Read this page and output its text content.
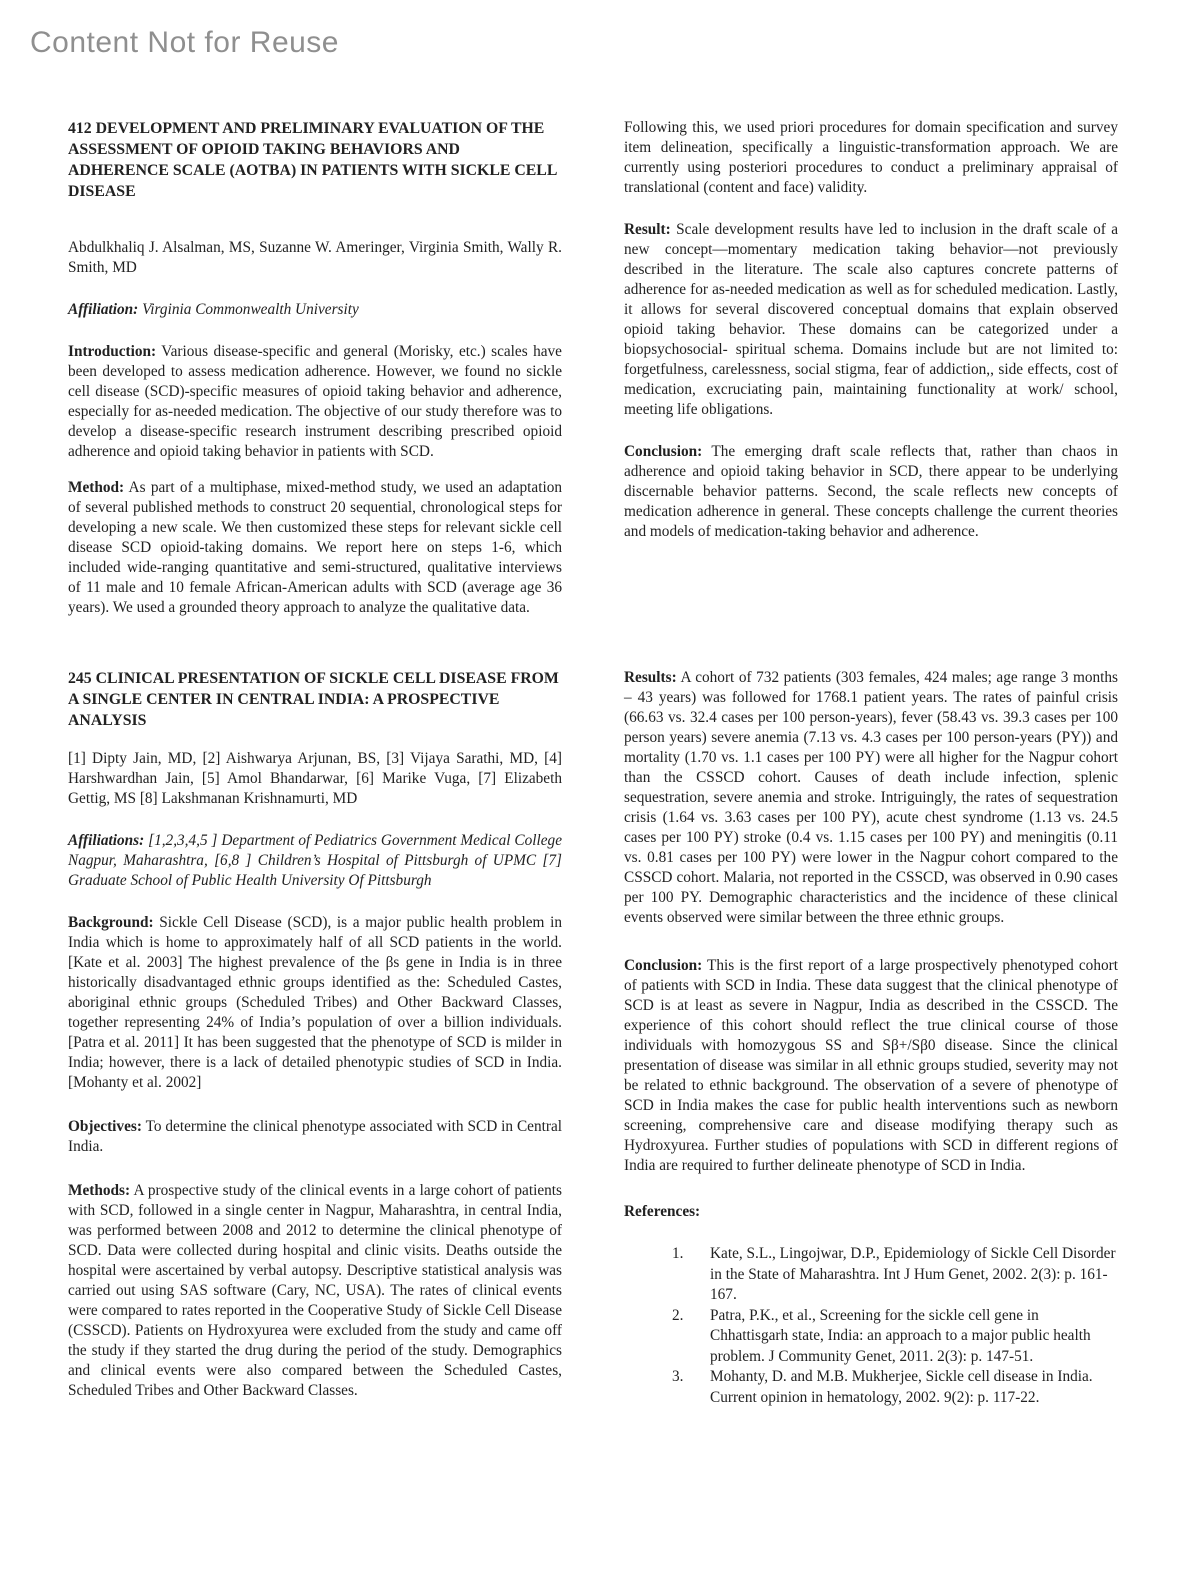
Content Not for Reuse
412 DEVELOPMENT AND PRELIMINARY EVALUATION OF THE ASSESSMENT OF OPIOID TAKING BEHAVIORS AND ADHERENCE SCALE (AOTBA) IN PATIENTS WITH SICKLE CELL DISEASE

Abdulkhaliq J. Alsalman, MS, Suzanne W. Ameringer, Virginia Smith, Wally R. Smith, MD

Affiliation: Virginia Commonwealth University

Introduction: Various disease-specific and general (Morisky, etc.) scales have been developed to assess medication adherence. However, we found no sickle cell disease (SCD)-specific measures of opioid taking behavior and adherence, especially for as-needed medication. The objective of our study therefore was to develop a disease-specific research instrument describing prescribed opioid adherence and opioid taking behavior in patients with SCD.

Method: As part of a multiphase, mixed-method study, we used an adaptation of several published methods to construct 20 sequential, chronological steps for developing a new scale. We then customized these steps for relevant sickle cell disease SCD opioid-taking domains. We report here on steps 1-6, which included wide-ranging quantitative and semi-structured, qualitative interviews of 11 male and 10 female African-American adults with SCD (average age 36 years). We used a grounded theory approach to analyze the qualitative data.

Following this, we used priori procedures for domain specification and survey item delineation, specifically a linguistic-transformation approach. We are currently using posteriori procedures to conduct a preliminary appraisal of translational (content and face) validity.

Result: Scale development results have led to inclusion in the draft scale of a new concept—momentary medication taking behavior—not previously described in the literature. The scale also captures concrete patterns of adherence for as-needed medication as well as for scheduled medication. Lastly, it allows for several discovered conceptual domains that explain observed opioid taking behavior. These domains can be categorized under a biopsychosocial- spiritual schema. Domains include but are not limited to: forgetfulness, carelessness, social stigma, fear of addiction,, side effects, cost of medication, excruciating pain, maintaining functionality at work/ school, meeting life obligations.

Conclusion: The emerging draft scale reflects that, rather than chaos in adherence and opioid taking behavior in SCD, there appear to be underlying discernable behavior patterns. Second, the scale reflects new concepts of medication adherence in general. These concepts challenge the current theories and models of medication-taking behavior and adherence.

245 CLINICAL PRESENTATION OF SICKLE CELL DISEASE FROM A SINGLE CENTER IN CENTRAL INDIA: A PROSPECTIVE ANALYSIS

[1] Dipty Jain, MD, [2] Aishwarya Arjunan, BS, [3] Vijaya Sarathi, MD, [4] Harshwardhan Jain, [5] Amol Bhandarwar, [6] Marike Vuga, [7] Elizabeth Gettig, MS [8] Lakshmanan Krishnamurti, MD

Affiliations: [1,2,3,4,5 ] Department of Pediatrics Government Medical College Nagpur, Maharashtra, [6,8 ] Children’s Hospital of Pittsburgh of UPMC [7] Graduate School of Public Health University Of Pittsburgh

Background: Sickle Cell Disease (SCD), is a major public health problem in India which is home to approximately half of all SCD patients in the world. [Kate et al. 2003] The highest prevalence of the βs gene in India is in three historically disadvantaged ethnic groups identified as the: Scheduled Castes, aboriginal ethnic groups (Scheduled Tribes) and Other Backward Classes, together representing 24% of India’s population of over a billion individuals. [Patra et al. 2011] It has been suggested that the phenotype of SCD is milder in India; however, there is a lack of detailed phenotypic studies of SCD in India. [Mohanty et al. 2002]

Objectives: To determine the clinical phenotype associated with SCD in Central India.

Methods: A prospective study of the clinical events in a large cohort of patients with SCD, followed in a single center in Nagpur, Maharashtra, in central India, was performed between 2008 and 2012 to determine the clinical phenotype of SCD. Data were collected during hospital and clinic visits. Deaths outside the hospital were ascertained by verbal autopsy. Descriptive statistical analysis was carried out using SAS software (Cary, NC, USA). The rates of clinical events were compared to rates reported in the Cooperative Study of Sickle Cell Disease (CSSCD). Patients on Hydroxyurea were excluded from the study and came off the study if they started the drug during the period of the study. Demographics and clinical events were also compared between the Scheduled Castes, Scheduled Tribes and Other Backward Classes.

Results: A cohort of 732 patients (303 females, 424 males; age range 3 months – 43 years) was followed for 1768.1 patient years. The rates of painful crisis (66.63 vs. 32.4 cases per 100 person-years), fever (58.43 vs. 39.3 cases per 100 person years) severe anemia (7.13 vs. 4.3 cases per 100 person-years (PY)) and mortality (1.70 vs. 1.1 cases per 100 PY) were all higher for the Nagpur cohort than the CSSCD cohort. Causes of death include infection, splenic sequestration, severe anemia and stroke. Intriguingly, the rates of sequestration crisis (1.64 vs. 3.63 cases per 100 PY), acute chest syndrome (1.13 vs. 24.5 cases per 100 PY) stroke (0.4 vs. 1.15 cases per 100 PY) and meningitis (0.11 vs. 0.81 cases per 100 PY) were lower in the Nagpur cohort compared to the CSSCD cohort. Malaria, not reported in the CSSCD, was observed in 0.90 cases per 100 PY. Demographic characteristics and the incidence of these clinical events observed were similar between the three ethnic groups.

Conclusion: This is the first report of a large prospectively phenotyped cohort of patients with SCD in India. These data suggest that the clinical phenotype of SCD is at least as severe in Nagpur, India as described in the CSSCD. The experience of this cohort should reflect the true clinical course of those individuals with homozygous SS and Sβ+/Sβ0 disease. Since the clinical presentation of disease was similar in all ethnic groups studied, severity may not be related to ethnic background. The observation of a severe of phenotype of SCD in India makes the case for public health interventions such as newborn screening, comprehensive care and disease modifying therapy such as Hydroxyurea. Further studies of populations with SCD in different regions of India are required to further delineate phenotype of SCD in India.

References:
1.	Kate, S.L., Lingojwar, D.P., Epidemiology of Sickle Cell Disorder in the State of Maharashtra. Int J Hum Genet, 2002. 2(3): p. 161-167.
2.	Patra, P.K., et al., Screening for the sickle cell gene in Chhattisgarh state, India: an approach to a major public health problem. J Community Genet, 2011. 2(3): p. 147-51.
3.	Mohanty, D. and M.B. Mukherjee, Sickle cell disease in India. Current opinion in hematology, 2002. 9(2): p. 117-22.
